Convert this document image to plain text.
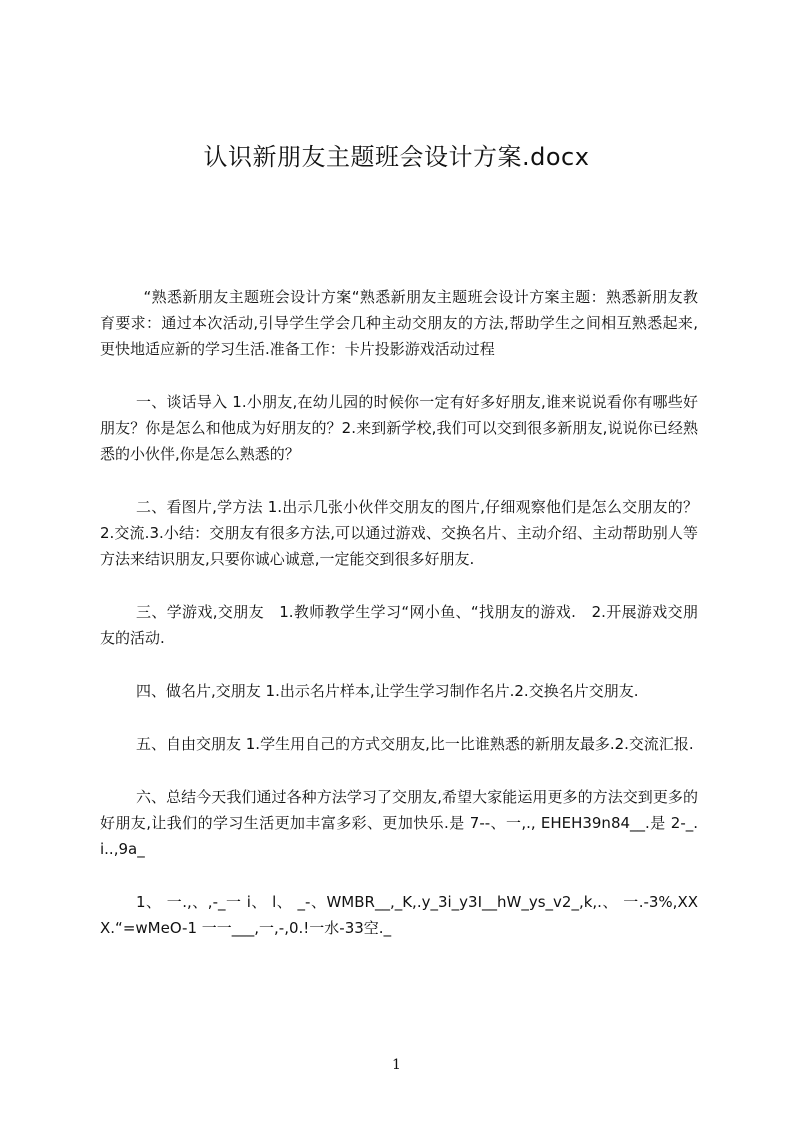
认识新朋友主题班会设计方案.docx

“熟悉新朋友主题班会设计方案“熟悉新朋友主题班会设计方案主题：熟悉新朋友教育要求：通过本次活动,引导学生学会几种主动交朋友的方法,帮助学生之间相互熟悉起来,更快地适应新的学习生活.准备工作：卡片投影游戏活动过程

一、谈话导入 1.小朋友,在幼儿园的时候你一定有好多好朋友,谁来说说看你有哪些好朋友？你是怎么和他成为好朋友的？2.来到新学校,我们可以交到很多新朋友,说说你已经熟悉的小伙伴,你是怎么熟悉的？

二、看图片,学方法 1.出示几张小伙伴交朋友的图片,仔细观察他们是怎么交朋友的？2.交流.3.小结：交朋友有很多方法,可以通过游戏、交换名片、主动介绍、主动帮助别人等方法来结识朋友,只要你诚心诚意,一定能交到很多好朋友.

三、学游戏,交朋友　1.教师教学生学习“网小鱼、“找朋友的游戏.　2.开展游戏交朋友的活动.

四、做名片,交朋友 1.出示名片样本,让学生学习制作名片.2.交换名片交朋友.

五、自由交朋友 1.学生用自己的方式交朋友,比一比谁熟悉的新朋友最多.2.交流汇报.

六、总结今天我们通过各种方法学习了交朋友,希望大家能运用更多的方法交到更多的好朋友,让我们的学习生活更加丰富多彩、更加快乐.是 7--、一,., EHEH39n84__.是 2-_.i..,9a_

1、 一.,、,-_一 i、 l、 _-、WMBR__,_K,.y_3i_y3I__hW_ys_v2_,k,.、 一.-3%,XXX.“=wMeO-1 一一___,一,-,0.!一水-33空._

1
